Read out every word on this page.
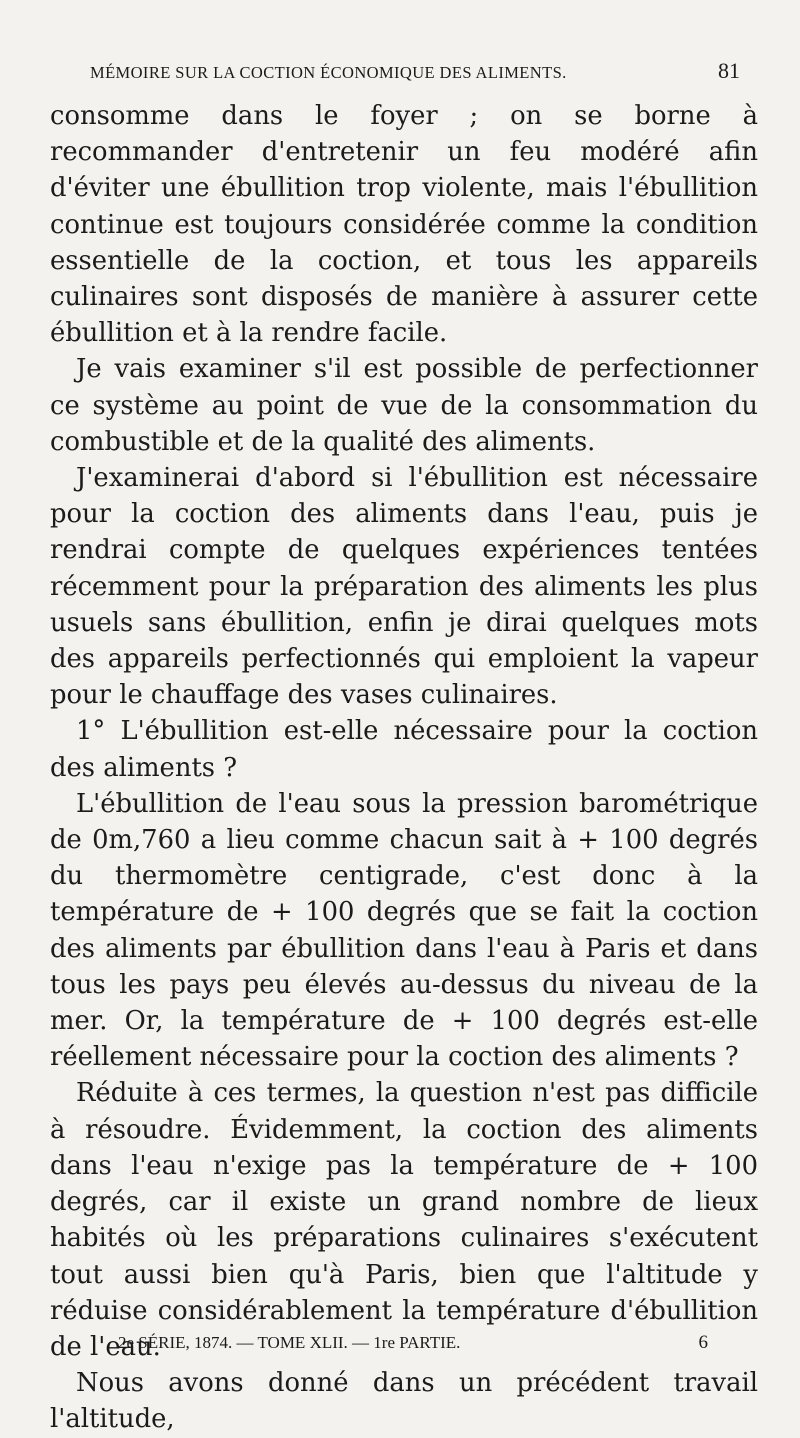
MÉMOIRE SUR LA COCTION ÉCONOMIQUE DES ALIMENTS.	81

consomme dans le foyer ; on se borne à recommander d'entretenir un feu modéré afin d'éviter une ébullition trop violente, mais l'ébullition continue est toujours considérée comme la condition essentielle de la coction, et tous les appareils culinaires sont disposés de manière à assurer cette ébullition et à la rendre facile.

Je vais examiner s'il est possible de perfectionner ce système au point de vue de la consommation du combustible et de la qualité des aliments.

J'examinerai d'abord si l'ébullition est nécessaire pour la coction des aliments dans l'eau, puis je rendrai compte de quelques expériences tentées récemment pour la préparation des aliments les plus usuels sans ébullition, enfin je dirai quelques mots des appareils perfectionnés qui emploient la vapeur pour le chauffage des vases culinaires.

1° L'ébullition est-elle nécessaire pour la coction des aliments ?

L'ébullition de l'eau sous la pression barométrique de 0m,760 a lieu comme chacun sait à + 100 degrés du thermomètre centigrade, c'est donc à la température de + 100 degrés que se fait la coction des aliments par ébullition dans l'eau à Paris et dans tous les pays peu élevés au-dessus du niveau de la mer. Or, la température de + 100 degrés est-elle réellement nécessaire pour la coction des aliments ?

Réduite à ces termes, la question n'est pas difficile à résoudre. Évidemment, la coction des aliments dans l'eau n'exige pas la température de + 100 degrés, car il existe un grand nombre de lieux habités où les préparations culinaires s'exécutent tout aussi bien qu'à Paris, bien que l'altitude y réduise considérablement la température d'ébullition de l'eau.

Nous avons donné dans un précédent travail l'altitude,

2e SÉRIE, 1874. — TOME XLII. — 1re PARTIE.	6
